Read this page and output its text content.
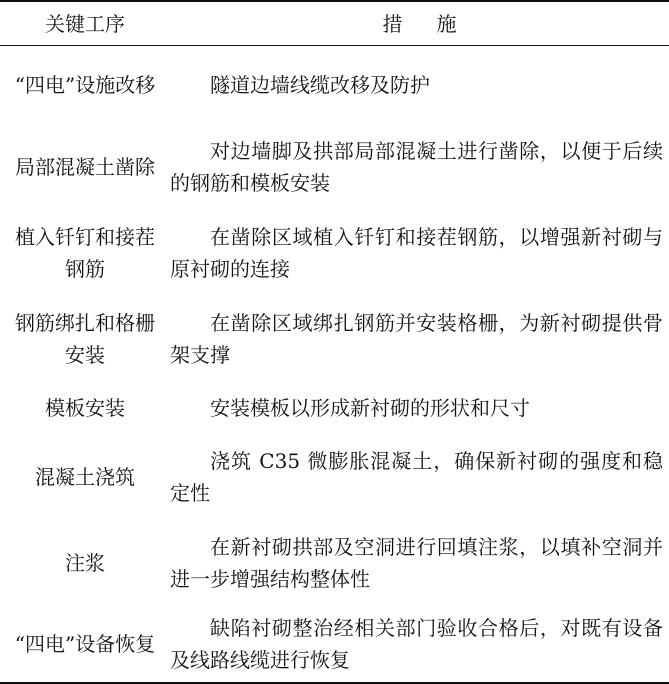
关键工序	措施
“四电”设施改移	隧道边墙线缆改移及防护
局部混凝土凿除	对边墙脚及拱部局部混凝土进行凿除，以便于后续的钢筋和模板安装
植入钎钉和接茬钢筋	在凿除区域植入钎钉和接茬钢筋，以增强新衬砌与原衬砌的连接
钢筋绑扎和格栅安装	在凿除区域绑扎钢筋并安装格栅，为新衬砌提供骨架支撑
模板安装	安装模板以形成新衬砌的形状和尺寸
混凝土浇筑	浇筑 C35 微膨胀混凝土，确保新衬砌的强度和稳定性
注浆	在新衬砌拱部及空洞进行回填注浆，以填补空洞并进一步增强结构整体性
“四电”设备恢复	缺陷衬砌整治经相关部门验收合格后，对既有设备及线路线缆进行恢复
